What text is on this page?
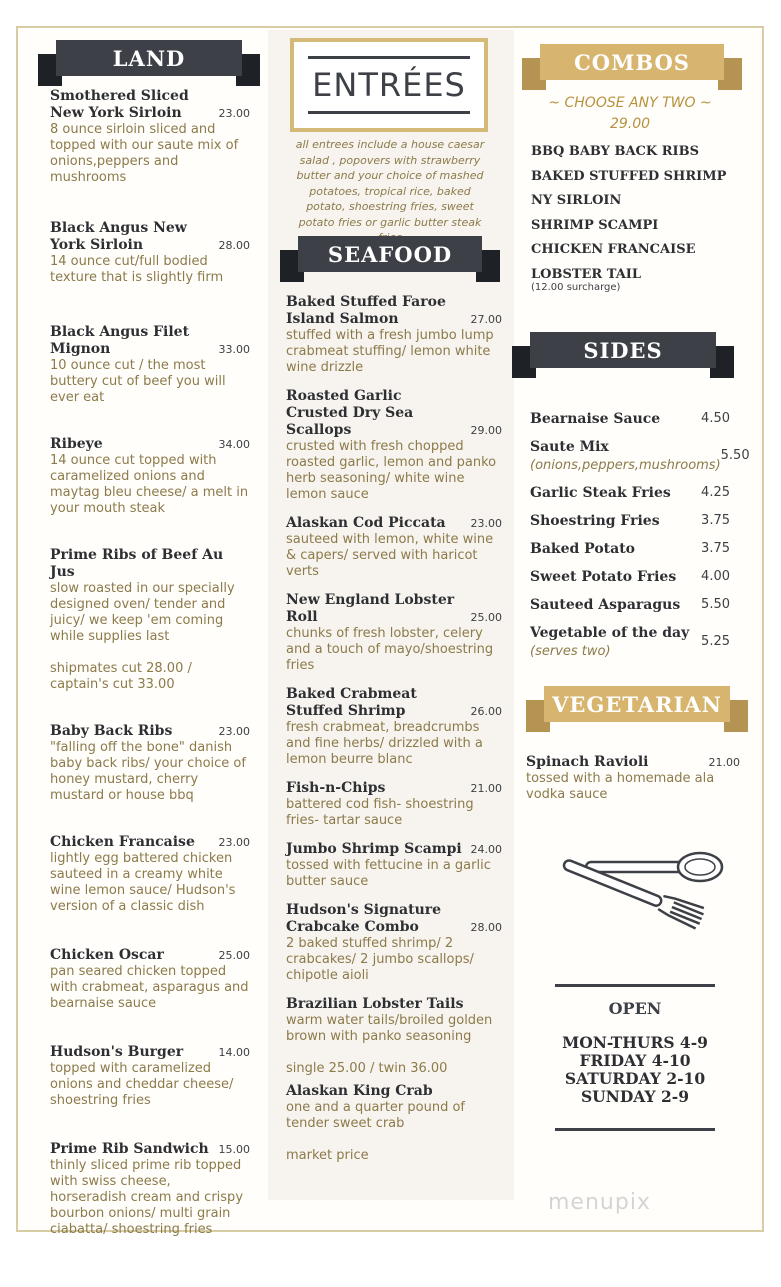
LAND
Smothered Sliced New York Sirloin	23.00
8 ounce sirloin sliced and topped with our saute mix of onions,peppers and mushrooms
Black Angus New York Sirloin	28.00
14 ounce cut/full bodied texture that is slightly firm
Black Angus Filet Mignon	33.00
10 ounce cut / the most buttery cut of beef you will ever eat
Ribeye	34.00
14 ounce cut topped with caramelized onions and maytag bleu cheese/ a melt in your mouth steak
Prime Ribs of Beef Au Jus
slow roasted in our specially designed oven/ tender and juicy/ we keep 'em coming while supplies last
shipmates cut 28.00 / captain's cut 33.00
Baby Back Ribs	23.00
"falling off the bone" danish baby back ribs/ your choice of honey mustard, cherry mustard or house bbq
Chicken Francaise 23.00
lightly egg battered chicken sauteed in a creamy white wine lemon sauce/ Hudson's version of a classic dish
Chicken Oscar	25.00
pan seared chicken topped with crabmeat, asparagus and bearnaise sauce
Hudson's Burger	14.00
topped with caramelized onions and cheddar cheese/ shoestring fries
Prime Rib Sandwich 15.00
thinly sliced prime rib topped with swiss cheese, horseradish cream and crispy bourbon onions/ multi grain ciabatta/ shoestring fries
ENTRÉES
all entrees include a house caesar salad , popovers with strawberry butter and your choice of mashed potatoes, tropical rice, baked potato, shoestring fries, sweet potato fries or garlic butter steak
SEAFOOD
Baked Stuffed Faroe Island Salmon	27.00
stuffed with a fresh jumbo lump crabmeat stuffing/ lemon white wine drizzle
Roasted Garlic Crusted Dry Sea Scallops	29.00
crusted with fresh chopped roasted garlic, lemon and panko herb seasoning/ white wine lemon sauce
Alaskan Cod Piccata 23.00
sauteed with lemon, white wine & capers/ served with haricot verts
New England Lobster Roll	25.00
chunks of fresh lobster, celery and a touch of mayo/shoestring fries
Baked Crabmeat Stuffed Shrimp	26.00
fresh crabmeat, breadcrumbs and fine herbs/ drizzled with a lemon beurre blanc
Fish-n-Chips	21.00
battered cod fish- shoestring fries- tartar sauce
Jumbo Shrimp Scampi 24.00
tossed with fettucine in a garlic butter sauce
Hudson's Signature Crabcake Combo	28.00
2 baked stuffed shrimp/ 2 crabcakes/ 2 jumbo scallops/ chipotle aioli
Brazilian Lobster Tails
warm water tails/broiled golden brown with panko seasoning
single 25.00 / twin 36.00
Alaskan King Crab
one and a quarter pound of tender sweet crab
market price
COMBOS
~ CHOOSE ANY TWO ~
29.00
BBQ BABY BACK RIBS
BAKED STUFFED SHRIMP
NY SIRLOIN
SHRIMP SCAMPI
CHICKEN FRANCAISE
LOBSTER TAIL
(12.00 surcharge)
SIDES
Bearnaise Sauce	4.50
Saute Mix
(onions,peppers,mushrooms)
5.50
Garlic Steak Fries 4.25
Shoestring Fries	3.75
Baked Potato	3.75
Sweet Potato Fries 4.00
Sauteed Asparagus 5.50
Vegetable of the day
(serves two)
5.25
VEGETARIAN
Spinach Ravioli	21.00
tossed with a homemade ala vodka sauce
OPEN
MON-THURS 4-9
FRIDAY 4-10
SATURDAY 2-10
SUNDAY 2-9
menupix
